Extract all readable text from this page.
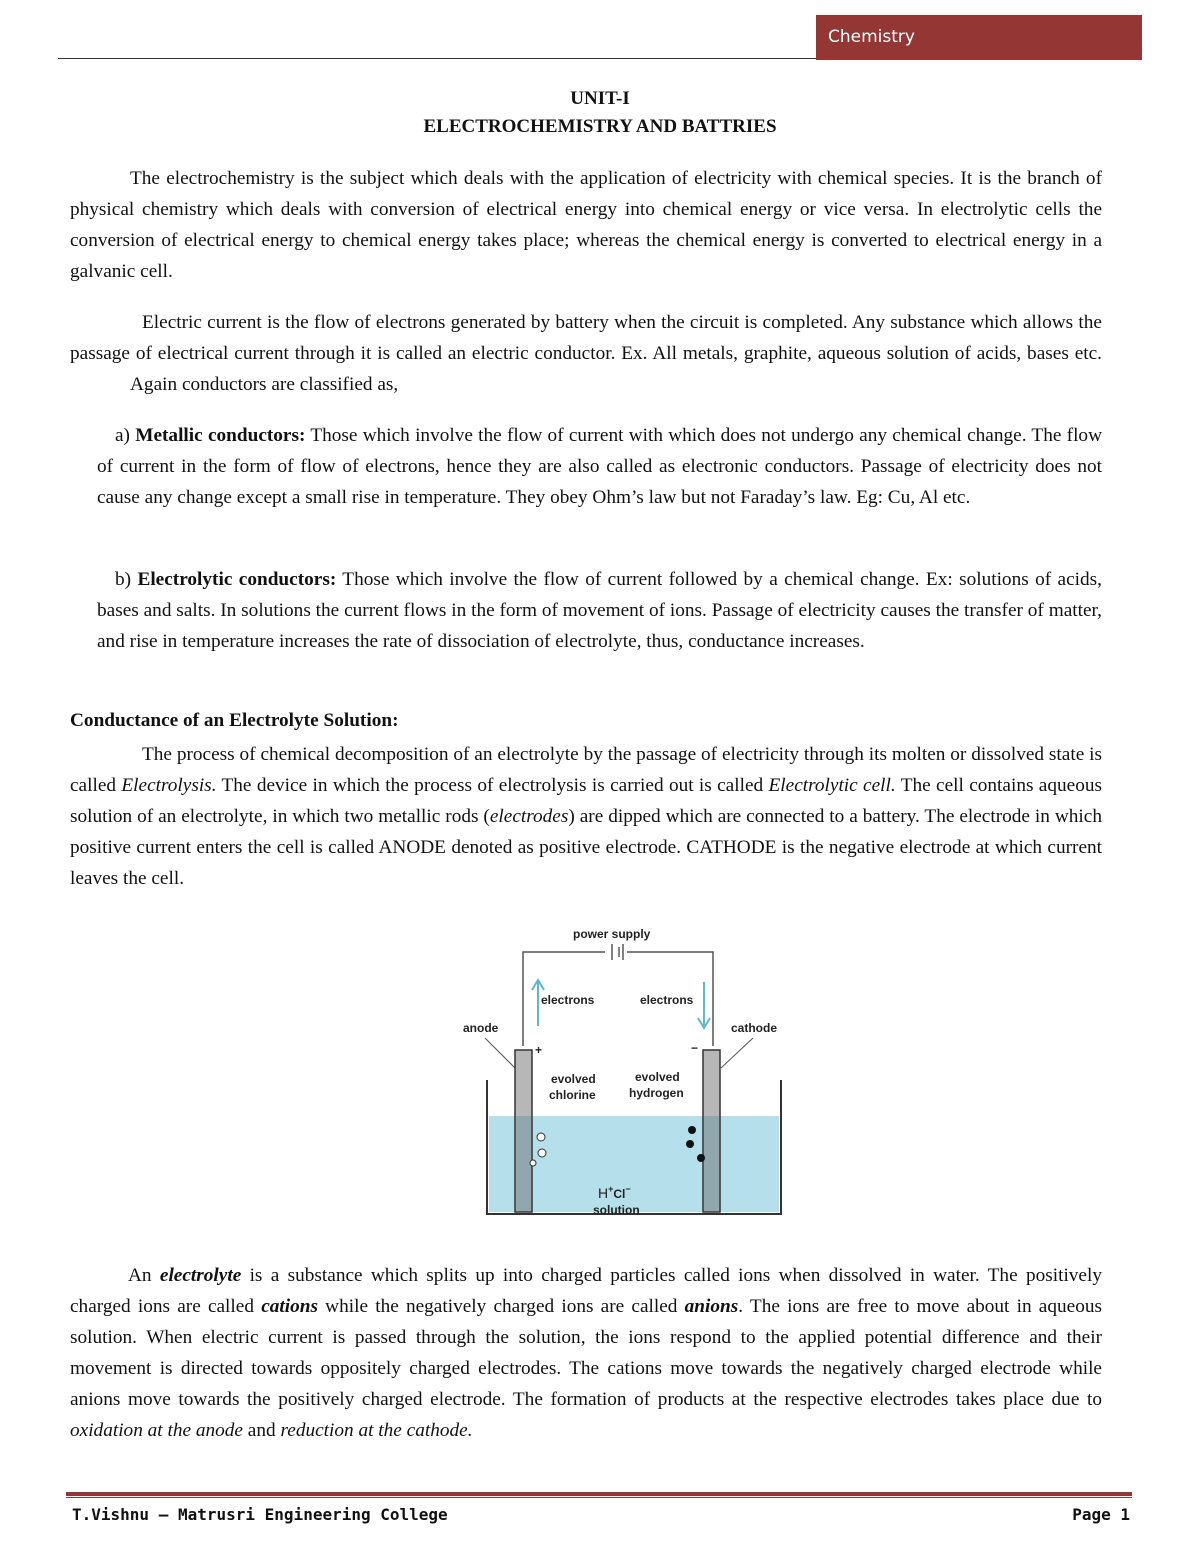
Chemistry
UNIT-I
ELECTROCHEMISTRY AND BATTRIES

The electrochemistry is the subject which deals with the application of electricity with chemical species. It is the branch of physical chemistry which deals with conversion of electrical energy into chemical energy or vice versa. In electrolytic cells the conversion of electrical energy to chemical energy takes place; whereas the chemical energy is converted to electrical energy in a galvanic cell.

Electric current is the flow of electrons generated by battery when the circuit is completed. Any substance which allows the passage of electrical current through it is called an electric conductor. Ex. All metals, graphite, aqueous solution of acids, bases etc.Again conductors are classified as,

a) Metallic conductors: Those which involve the flow of current with which does not undergo any chemical change. The flow of current in the form of flow of electrons, hence they are also called as electronic conductors. Passage of electricity does not cause any change except a small rise in temperature. They obey Ohm’s law but not Faraday’s law. Eg: Cu, Al etc.

b) Electrolytic conductors: Those which involve the flow of current followed by a chemical change. Ex: solutions of acids, bases and salts. In solutions the current flows in the form of movement of ions. Passage of electricity causes the transfer of matter, and rise in temperature increases the rate of dissociation of electrolyte, thus, conductance increases.

Conductance of an Electrolyte Solution:

The process of chemical decomposition of an electrolyte by the passage of electricity through its molten or dissolved state is called Electrolysis. The device in which the process of electrolysis is carried out is called Electrolytic cell. The cell contains aqueous solution of an electrolyte, in which two metallic rods (electrodes) are dipped which are connected to a battery. The electrode in which positive current enters the cell is called ANODE denoted as positive electrode. CATHODE is the negative electrode at which current leaves the cell.

power supply
electrons	electrons
anode	cathode
+	−
evolved
chlorine
evolved
hydrogen
H+Cl−
solution

An electrolyte is a substance which splits up into charged particles called ions when dissolved in water. The positively charged ions are called cations while the negatively charged ions are called anions. The ions are free to move about in aqueous solution. When electric current is passed through the solution, the ions respond to the applied potential difference and their movement is directed towards oppositely charged electrodes. The cations move towards the negatively charged electrode while anions move towards the positively charged electrode. The formation of products at the respective electrodes takes place due to oxidation at the anode and reduction at the cathode.

T.Vishnu – Matrusri Engineering College	Page 1
